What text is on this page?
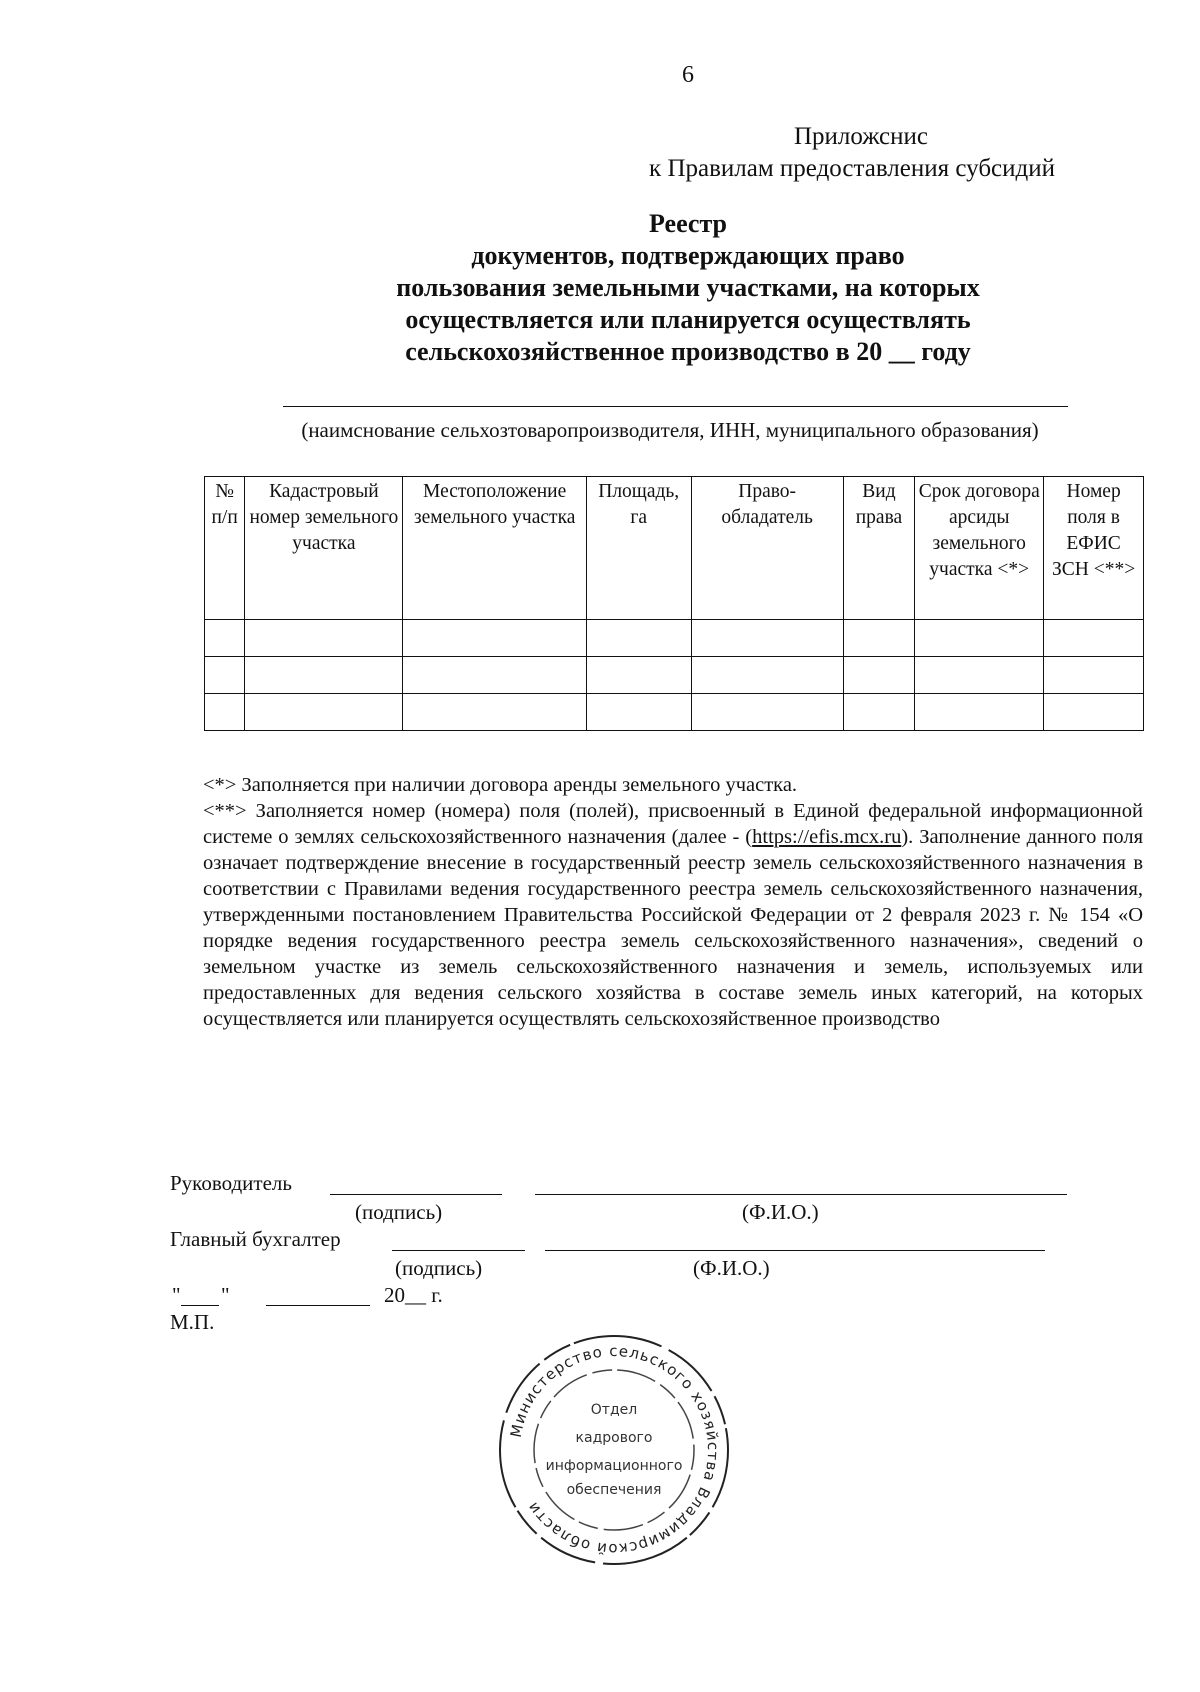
6
Приложснис
к Правилам предоставления субсидий
Реестр
документов, подтверждающих право
пользования земельными участками, на которых
осуществляется или планируется осуществлять
сельскохозяйственное производство в 20 __ году
(наимснование сельхозтоваропроизводителя, ИНН, муниципального образования)
№ п/п	Кадастровый номер земельного участка	Местоположение земельного участка	Площадь, га	Право- обладатель	Вид права	Срок договора арсиды земельного участка <*>	Номер поля в ЕФИС ЗСН <**>

<*> Заполняется при наличии договора аренды земельного участка.
<**> Заполняется номер (номера) поля (полей), присвоенный в Единой федеральной информационной системе о землях сельскохозяйственного назначения (далее - (https://efis.mcx.ru). Заполнение данного поля означает подтверждение внесение в государственный реестр земель сельскохозяйственного назначения в соответствии с Правилами ведения государственного реестра земель сельскохозяйственного назначения, утвержденными постановлением Правительства Российской Федерации от 2 февраля 2023 г. № 154 «О порядке ведения государственного реестра земель сельскохозяйственного назначения», сведений о земельном участке из земель сельскохозяйственного назначения и земель, используемых или предоставленных для ведения сельского хозяйства в составе земель иных категорий, на которых осуществляется или планируется осуществлять сельскохозяйственное производство
Руководитель
(подпись)	(Ф.И.О.)
Главный бухгалтер
(подпись)	(Ф.И.О.)
" "	20__ г.
М.П.
Министерство сельского хозяйства Владимирской области
Отдел
кадрового
информационного
обеспечения
